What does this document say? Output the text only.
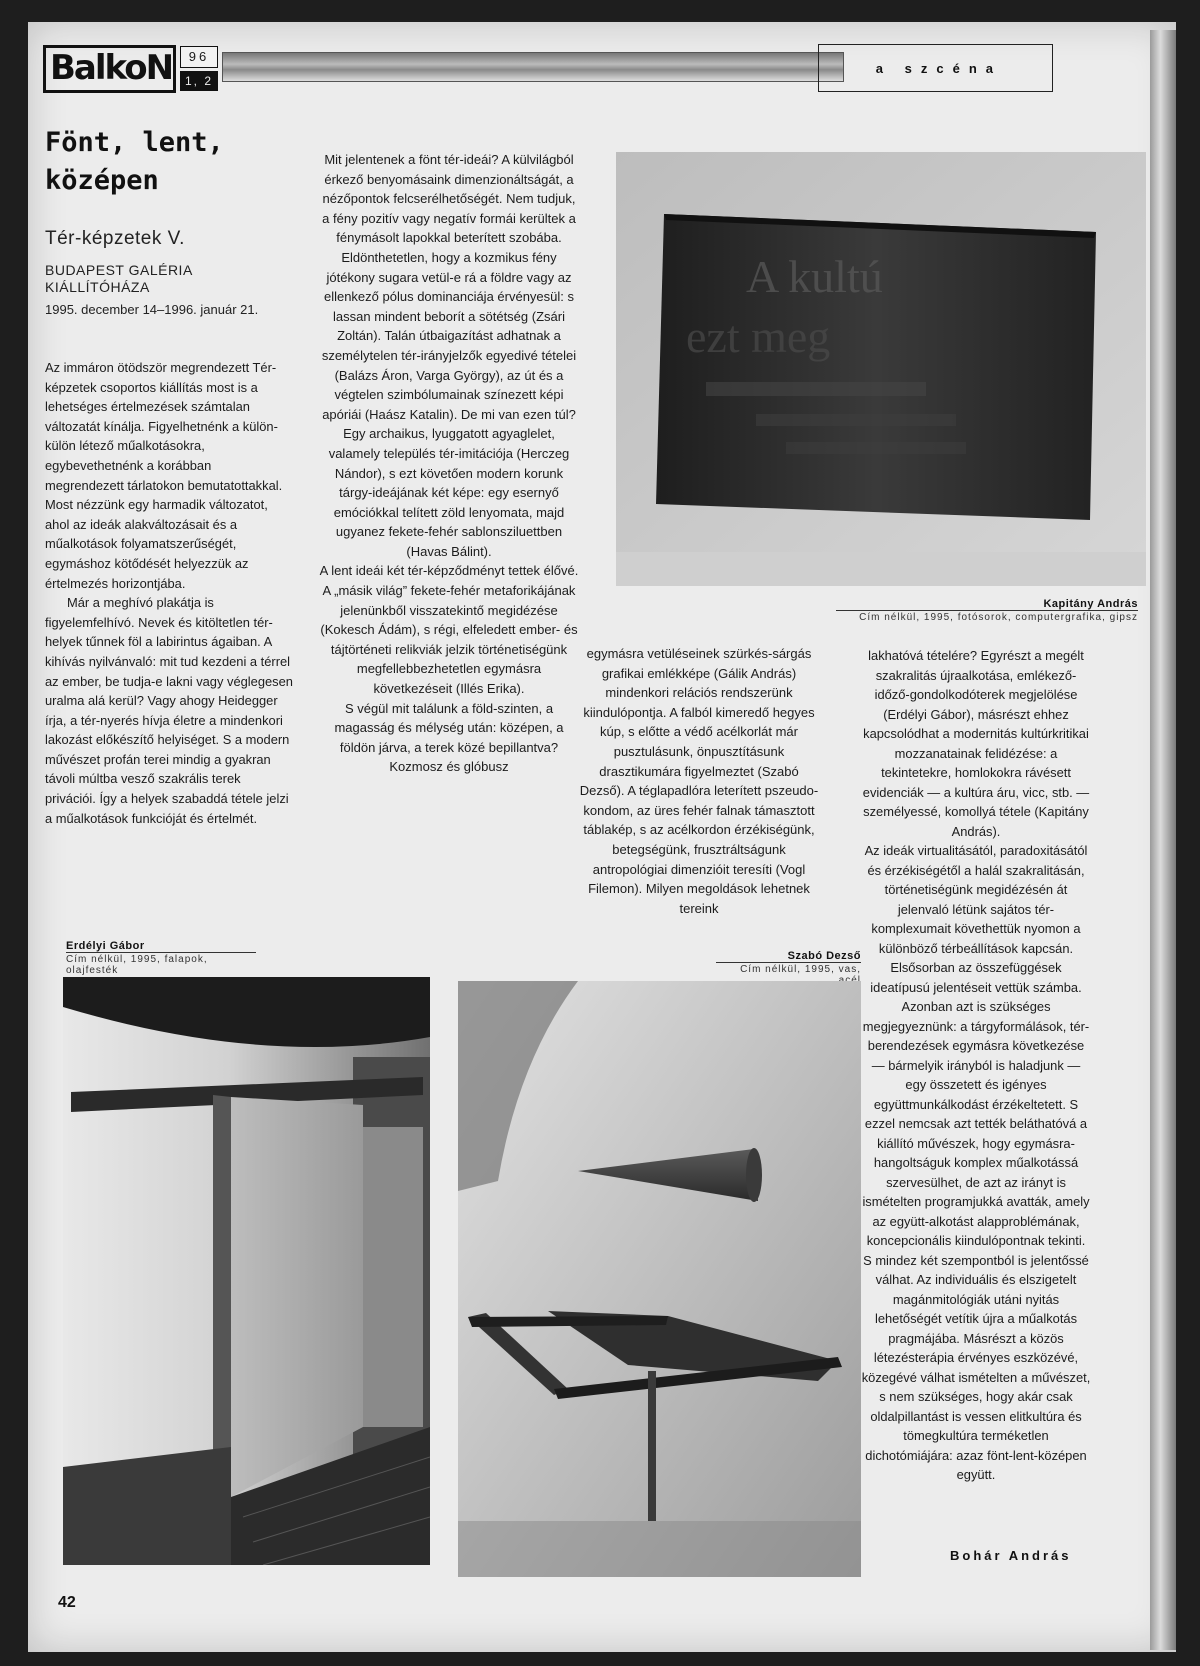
BalkoN	96
1, 2
a szcéna
Fönt, lent,
középen
Tér-képzetek V.
BUDAPEST GALÉRIA
KIÁLLÍTÓHÁZA
1995. december 14–1996. január 21.

Az immáron ötödször megrendezett Tér-képzetek csoportos kiállítás most is a lehetséges értelmezések számtalan változatát kínálja. Figyelhetnénk a külön-külön létező műalkotásokra, egybevethetnénk a korábban megrendezett tárlatokon bemutatottakkal. Most nézzünk egy harmadik változatot, ahol az ideák alakváltozásait és a műalkotások folyamatszerűségét, egymáshoz kötődését helyezzük az értelmezés horizontjába.

Már a meghívó plakátja is figyelemfelhívó. Nevek és kitöltetlen tér-helyek tűnnek föl a labirintus ágaiban. A kihívás nyilvánvaló: mit tud kezdeni a térrel az ember, be tudja-e lakni vagy véglegesen uralma alá kerül? Vagy ahogy Heidegger írja, a tér-nyerés hívja életre a mindenkori lakozást előkészítő helyiséget. S a modern művészet profán terei mindig a gyakran távoli múltba vesző szakrális terek privációi. Így a helyek szabaddá tétele jelzi a műalkotások funkcióját és értelmét.

Mit jelentenek a fönt tér-ideái? A külvilágból érkező benyomásaink dimenzionáltságát, a nézőpontok felcserélhetőségét. Nem tudjuk, a fény pozitív vagy negatív formái kerültek a fénymásolt lapokkal beterített szobába. Eldönthetetlen, hogy a kozmikus fény jótékony sugara vetül-e rá a földre vagy az ellenkező pólus dominanciája érvényesül: s lassan mindent beborít a sötétség (Zsári Zoltán). Talán útbaigazítást adhatnak a személytelen tér-irányjelzők egyedivé tételei (Balázs Áron, Varga György), az út és a végtelen szimbólumainak színezett képi apóriái (Haász Katalin). De mi van ezen túl? Egy archaikus, lyuggatott agyaglelet, valamely település tér-imitációja (Herczeg Nándor), s ezt követően modern korunk tárgy-ideájának két képe: egy esernyő emóciókkal telített zöld lenyomata, majd ugyanez fekete-fehér sablonsziluettben (Havas Bálint).

A lent ideái két tér-képződményt tettek élővé. A „másik világ” fekete-fehér metaforikájának jelenünkből visszatekintő megidézése (Kokesch Ádám), s régi, elfeledett ember- és tájtörténeti relikviák jelzik történetiségünk megfellebbezhetetlen egymásra következéseit (Illés Erika).

S végül mit találunk a föld-szinten, a magasság és mélység után: középen, a földön járva, a terek közé bepillantva? Kozmosz és glóbusz

egymásra vetüléseinek szürkés-sárgás grafikai emlékképe (Gálik András) mindenkori relációs rendszerünk kiindulópontja. A falból kimeredő hegyes kúp, s előtte a védő acélkorlát már pusztulásunk, önpusztításunk drasztikumára figyelmeztet (Szabó Dezső). A téglapadlóra leterített pszeudo-kondom, az üres fehér falnak támasztott táblakép, s az acélkordon érzékiségünk, betegségünk, frusztráltságunk antropológiai dimenzióit teresíti (Vogl Filemon). Milyen megoldások lehetnek tereink

lakhatóvá tételére? Egyrészt a megélt szakralitás újraalkotása, emlékező-időző-gondolkodóterek megjelölése (Erdélyi Gábor), másrészt ehhez kapcsolódhat a modernitás kultúrkritikai mozzanatainak felidézése: a tekintetekre, homlokokra rávésett evidenciák — a kultúra áru, vicc, stb. — személyessé, komollyá tétele (Kapitány András).

Az ideák virtualitásától, paradoxitásától és érzékiségétől a halál szakralitásán, történetiségünk megidézésén át jelenvaló létünk sajátos tér-komplexumait követhettük nyomon a különböző térbeállítások kapcsán. Elsősorban az összefüggések ideatípusú jelentéseit vettük számba. Azonban azt is szükséges megjegyeznünk: a tárgyformálások, tér-berendezések egymásra következése — bármelyik irányból is haladjunk — egy összetett és igényes együttmunkálkodást érzékeltetett. S ezzel nemcsak azt tették beláthatóvá a kiállító művészek, hogy egymásra-hangoltságuk komplex műalkotássá szervesülhet, de azt az irányt is ismételten programjukká avatták, amely az együtt-alkotást alapproblémának, koncepcionális kiindulópontnak tekinti.

S mindez két szempontból is jelentőssé válhat. Az individuális és elszigetelt magánmitológiák utáni nyitás lehetőségét vetítik újra a műalkotás pragmájába. Másrészt a közös létezésterápia érvényes eszközévé, közegévé válhat ismételten a művészet, s nem szükséges, hogy akár csak oldalpillantást is vessen elitkultúra és tömegkultúra terméketlen dichotómiájára: azaz fönt-lent-középen együtt.

A kultú
ezt meg
Kapitány András
Cím nélkül, 1995, fotósorok, computergrafika, gipsz
Erdélyi Gábor
Cím nélkül, 1995, falapok, olajfesték
Szabó Dezső
Cím nélkül, 1995, vas,
Bohár András
42
